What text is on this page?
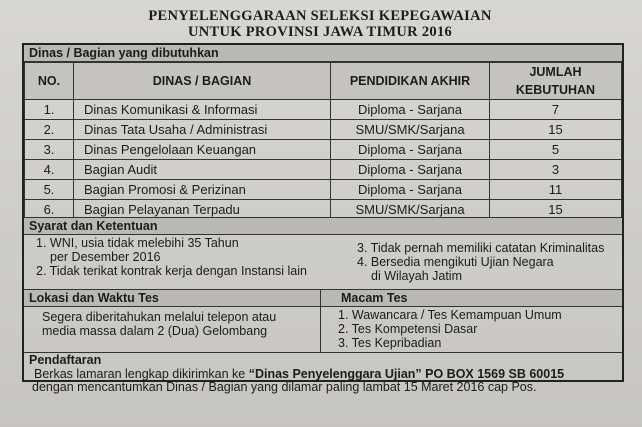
PENYELENGGARAAN SELEKSI KEPEGAWAIAN
UNTUK PROVINSI JAWA TIMUR 2016
Dinas / Bagian yang dibutuhkan
NO.	DINAS / BAGIAN	PENDIDIKAN AKHIR	JUMLAH KEBUTUHAN
1.	Dinas Komunikasi & Informasi	Diploma - Sarjana	7
2.	Dinas Tata Usaha / Administrasi	SMU/SMK/Sarjana	15
3.	Dinas Pengelolaan Keuangan	Diploma - Sarjana	5
4.	Bagian Audit	Diploma - Sarjana	3
5.	Bagian Promosi & Perizinan	Diploma - Sarjana	11
6.	Bagian Pelayanan Terpadu	SMU/SMK/Sarjana	15
Syarat dan Ketentuan
1. WNI, usia tidak melebihi 35 Tahun
per Desember 2016
2. Tidak terikat kontrak kerja dengan Instansi lain
3. Tidak pernah memiliki catatan Kriminalitas
4. Bersedia mengikuti Ujian Negara
di Wilayah Jatim
Lokasi dan Waktu Tes	Macam Tes
Segera diberitahukan melalui telepon atau
media massa dalam 2 (Dua) Gelombang
1. Wawancara / Tes Kemampuan Umum
2. Tes Kompetensi Dasar
3. Tes Kepribadian
Pendaftaran
Berkas lamaran lengkap dikirimkan ke “Dinas Penyelenggara Ujian” PO BOX 1569 SB 60015
dengan mencantumkan Dinas / Bagian yang dilamar paling lambat 15 Maret 2016 cap Pos.
